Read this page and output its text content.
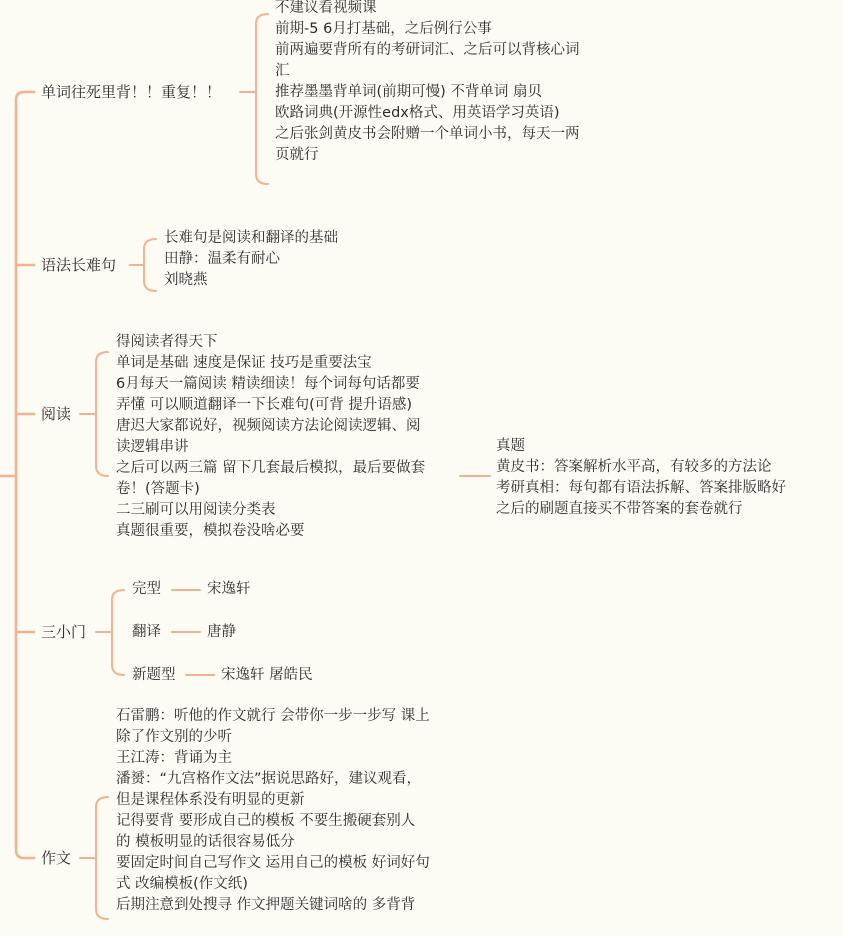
单词往死里背！！重复！！
语法长难句
阅读
三小门
作文
不建议看视频课
前期-5 6月打基础，之后例行公事
前两遍要背所有的考研词汇、之后可以背核心词
汇
推荐墨墨背单词(前期可慢) 不背单词 扇贝
欧路词典(开源性edx格式、用英语学习英语)
之后张剑黄皮书会附赠一个单词小书，每天一两
页就行
长难句是阅读和翻译的基础
田静：温柔有耐心
刘晓燕
得阅读者得天下
单词是基础 速度是保证 技巧是重要法宝
6月每天一篇阅读 精读细读！每个词每句话都要
弄懂 可以顺道翻译一下长难句(可背 提升语感)
唐迟大家都说好，视频阅读方法论阅读逻辑、阅
读逻辑串讲
之后可以两三篇 留下几套最后模拟，最后要做套
卷！(答题卡)
二三刷可以用阅读分类表
真题很重要，模拟卷没啥必要
真题
黄皮书：答案解析水平高，有较多的方法论
考研真相：每句都有语法拆解、答案排版略好
之后的刷题直接买不带答案的套卷就行
完型	宋逸轩
翻译	唐静
新题型	宋逸轩 屠皓民
石雷鹏：听他的作文就行 会带你一步一步写 课上
除了作文别的少听
王江涛：背诵为主
潘赟：“九宫格作文法”据说思路好，建议观看，
但是课程体系没有明显的更新
记得要背 要形成自己的模板 不要生搬硬套别人
的 模板明显的话很容易低分
要固定时间自己写作文 运用自己的模板 好词好句
式 改编模板(作文纸)
后期注意到处搜寻 作文押题关键词啥的 多背背
